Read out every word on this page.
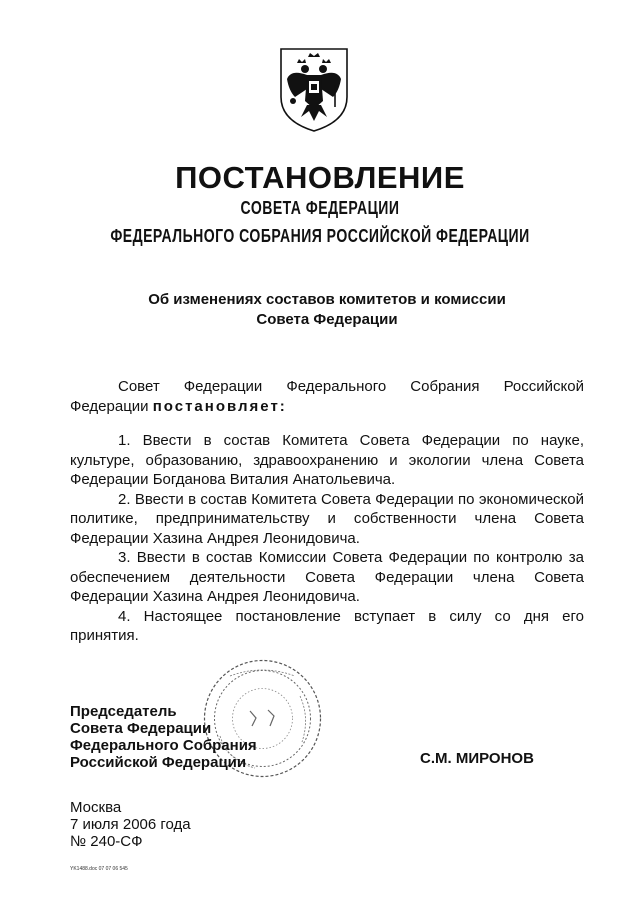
ПОСТАНОВЛЕНИЕ
СОВЕТА ФЕДЕРАЦИИ
ФЕДЕРАЛЬНОГО СОБРАНИЯ РОССИЙСКОЙ ФЕДЕРАЦИИ
Об изменениях составов комитетов и комиссии
Совета Федерации

Совет Федерации Федерального Собрания Российской Федерации постановляет:

1. Ввести в состав Комитета Совета Федерации по науке, культуре, образованию, здравоохранению и экологии члена Совета Федерации Богданова Виталия Анатольевича.

2. Ввести в состав Комитета Совета Федерации по экономической политике, предпринимательству и собственности члена Совета Федерации Хазина Андрея Леонидовича.

3. Ввести в состав Комиссии Совета Федерации по контролю за обеспечением деятельности Совета Федерации члена Совета Федерации Хазина Андрея Леонидовича.

4. Настоящее постановление вступает в силу со дня его принятия.

Председатель
Совета Федерации
Федерального Собрания
Российской Федерации	С.М. МИРОНОВ
Москва
7 июля 2006 года
№ 240-СФ
YK1488.doc 07 07 06 545
